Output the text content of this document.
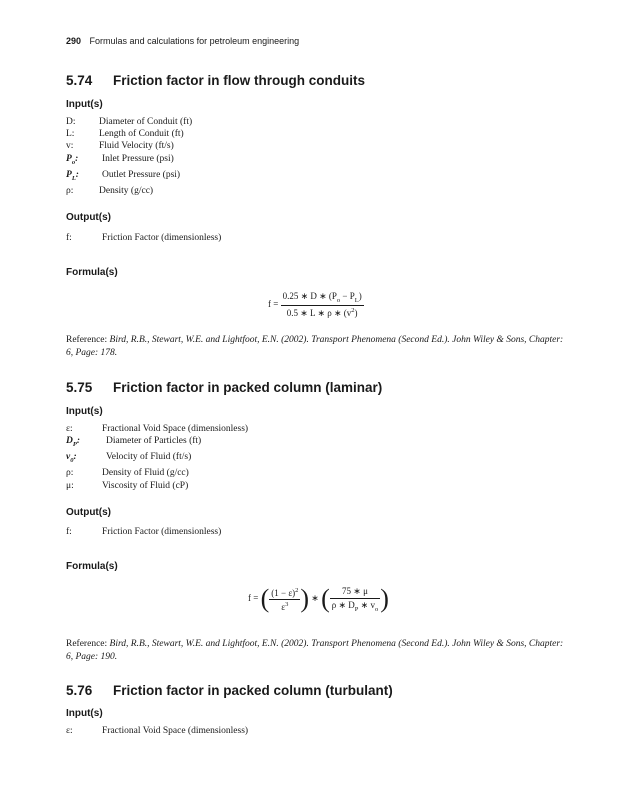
290 Formulas and calculations for petroleum engineering
5.74 Friction factor in flow through conduits
Input(s)
D: Diameter of Conduit (ft)
L:	Length of Conduit (ft)
v:	Fluid Velocity (ft/s)
$P_o$:	Inlet Pressure (psi)
$P_L$: Outlet Pressure (psi)
ρ:	Density (g/cc)
Output(s)
f:	Friction Factor (dimensionless)
Formula(s)
$f = \frac{0.25 ∗ D ∗ (P_o - P_L)}{0.5 ∗ L ∗ \rho ∗ (v^2)}$
Reference: Bird, R.B., Stewart, W.E. and Lightfoot, E.N. (2002). Transport Phenomena (Second Ed.). John Wiley & Sons, Chapter: 6, Page: 178.
5.75 Friction factor in packed column (laminar)
Input(s)
ε:	Fractional Void Space (dimensionless)
$D_P$:	Diameter of Particles (ft)
$v_0$:	Velocity of Fluid (ft/s)
ρ:	Density of Fluid (g/cc)
μ:	Viscosity of Fluid (cP)
Output(s)
f:	Friction Factor (dimensionless)
Formula(s)
f = ( $\frac{(1 - \varepsilon)^2}{\varepsilon^3}$ ) ∗ ( $\frac{75 ∗ \mu}{\rho ∗ D_P ∗ v_o}$ )
Reference: Bird, R.B., Stewart, W.E. and Lightfoot, E.N. (2002). Transport Phenomena (Second Ed.). John Wiley & Sons, Chapter: 6, Page: 190.
5.76 Friction factor in packed column (turbulant)
Input(s)
ε:	Fractional Void Space (dimensionless)
